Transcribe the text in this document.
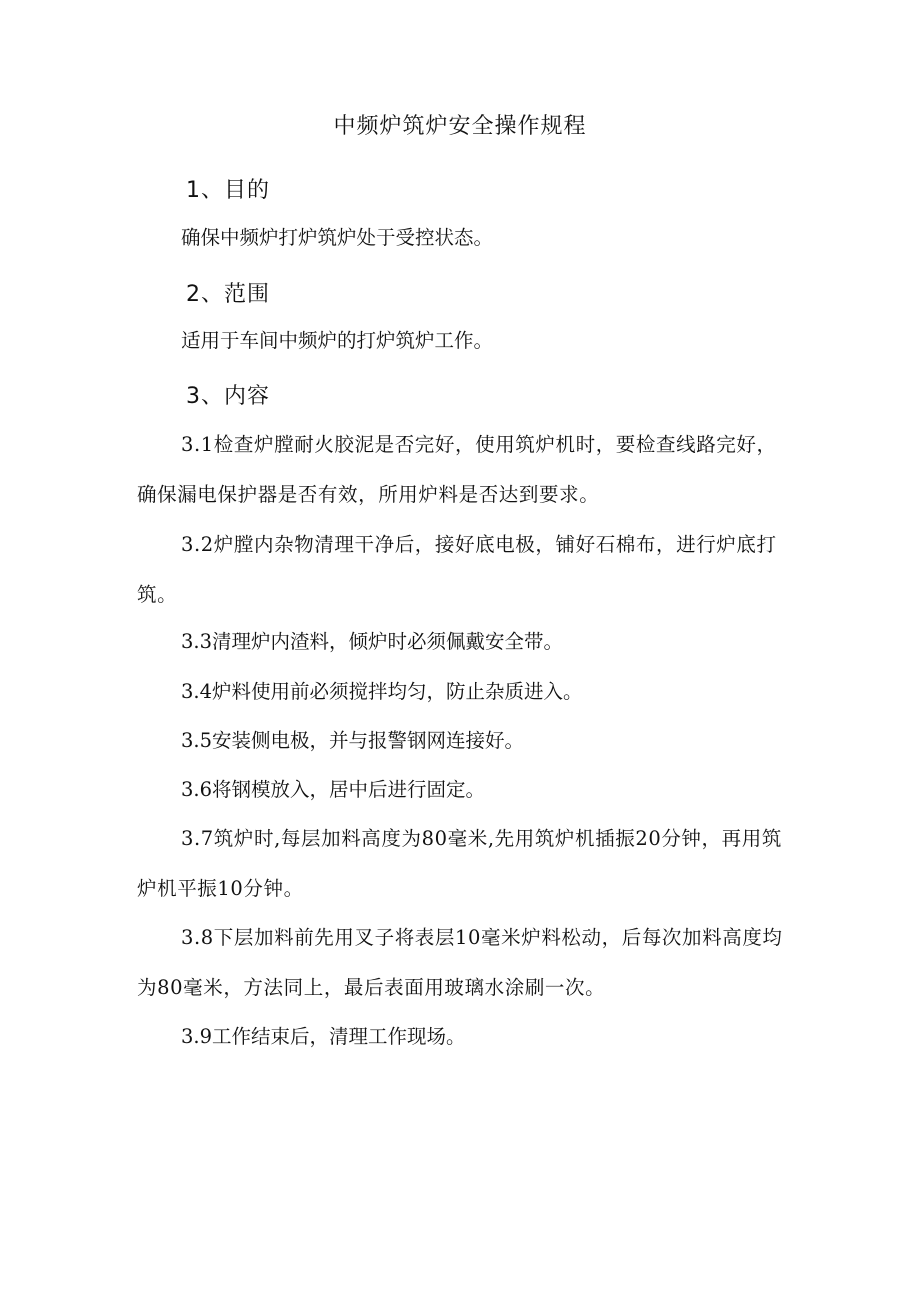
中频炉筑炉安全操作规程
1、目的
确保中频炉打炉筑炉处于受控状态。
2、范围
适用于车间中频炉的打炉筑炉工作。
3、内容
3.1检查炉膛耐火胶泥是否完好，使用筑炉机时，要检查线路完好，确保漏电保护器是否有效，所用炉料是否达到要求。
3.2炉膛内杂物清理干净后，接好底电极，铺好石棉布，进行炉底打筑。
3.3清理炉内渣料，倾炉时必须佩戴安全带。
3.4炉料使用前必须搅拌均匀，防止杂质进入。
3.5安装侧电极，并与报警钢网连接好。
3.6将钢模放入，居中后进行固定。
3.7筑炉时,每层加料高度为80毫米,先用筑炉机插振20分钟，再用筑炉机平振10分钟。
3.8下层加料前先用叉子将表层10毫米炉料松动，后每次加料高度均为80毫米，方法同上，最后表面用玻璃水涂刷一次。
3.9工作结束后，清理工作现场。
